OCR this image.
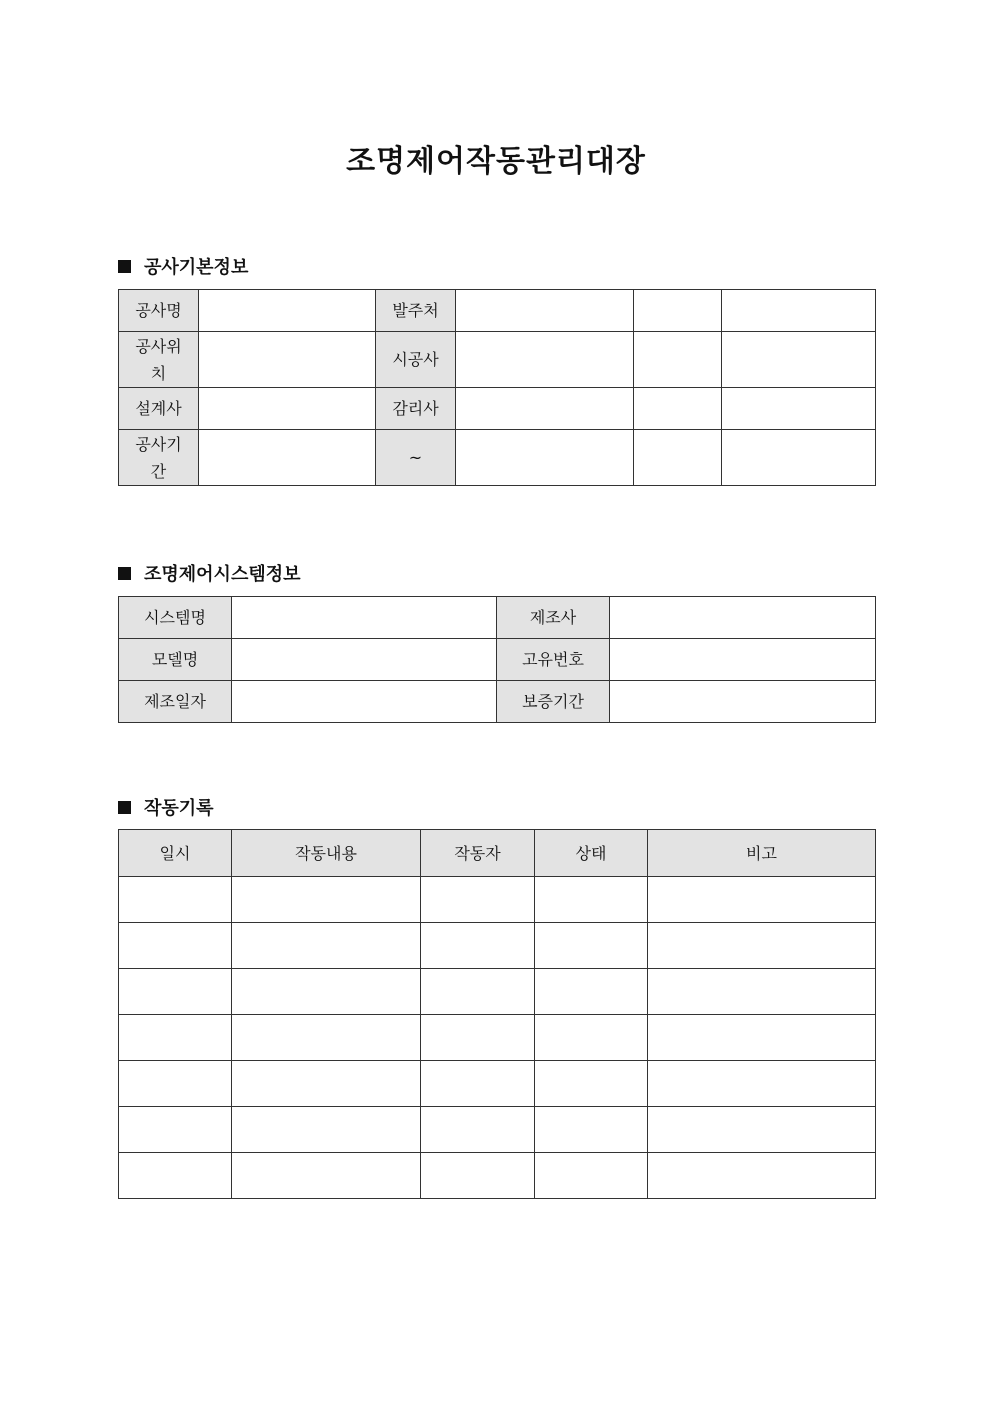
조명제어작동관리대장
공사기본정보
공사명		발주처			
공사위치		시공사			
설계사		감리사			
공사기간		~			
조명제어시스템정보
시스템명		제조사	
모델명		고유번호	
제조일자		보증기간	
작동기록
일시	작동내용	작동자	상태	비고
